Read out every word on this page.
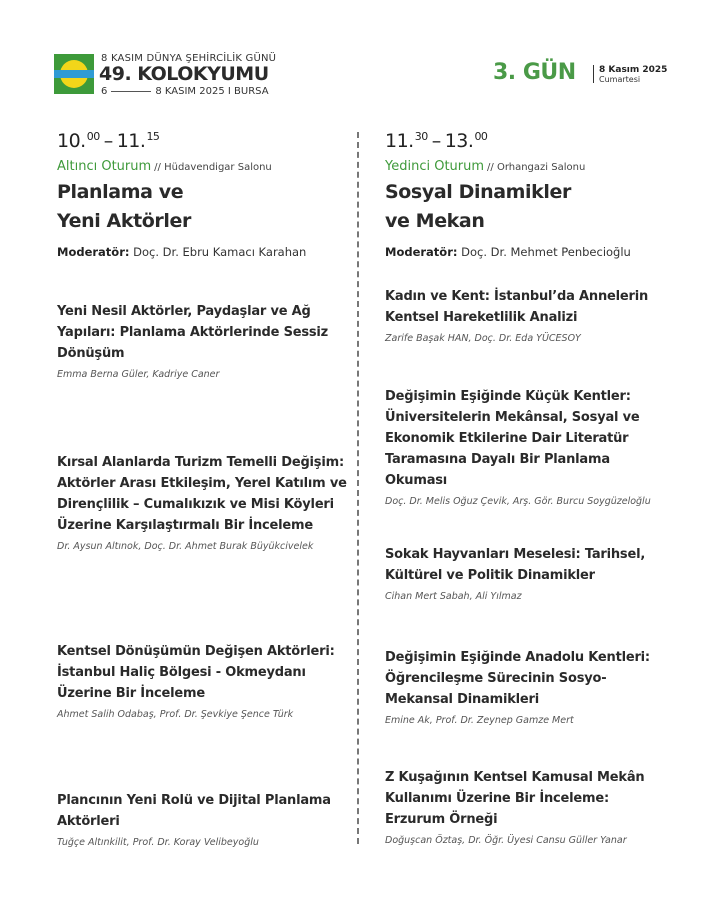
8 KASIM DÜNYA ŞEHİRCİLİK GÜNÜ
49. KOLOKYUMU
6	8 KASIM 2025 I BURSA
3. GÜN	8 Kasım 2025
Cumartesi
10.00 – 11.15
Altıncı Oturum // Hüdavendigar Salonu
Planlama ve
Yeni Aktörler
Moderatör: Doç. Dr. Ebru Kamacı Karahan
Yeni Nesil Aktörler, Paydaşlar ve Ağ Yapıları: Planlama Aktörlerinde Sessiz Dönüşüm
Emma Berna Güler, Kadriye Caner
Kırsal Alanlarda Turizm Temelli Değişim: Aktörler Arası Etkileşim, Yerel Katılım ve Dirençlilik – Cumalıkızık ve Misi Köyleri Üzerine Karşılaştırmalı Bir İnceleme
Dr. Aysun Altınok, Doç. Dr. Ahmet Burak Büyükcivelek
Kentsel Dönüşümün Değişen Aktörleri: İstanbul Haliç Bölgesi - Okmeydanı Üzerine Bir İnceleme
Ahmet Salih Odabaş, Prof. Dr. Şevkiye Şence Türk
Plancının Yeni Rolü ve Dijital Planlama Aktörleri
Tuğçe Altınkilit, Prof. Dr. Koray Velibeyoğlu
11.30 – 13.00
Yedinci Oturum // Orhangazi Salonu
Sosyal Dinamikler
ve Mekan
Moderatör: Doç. Dr. Mehmet Penbecioğlu
Kadın ve Kent: İstanbul’da Annelerin Kentsel Hareketlilik Analizi
Zarife Başak HAN, Doç. Dr. Eda YÜCESOY
Değişimin Eşiğinde Küçük Kentler: Üniversitelerin Mekânsal, Sosyal ve Ekonomik Etkilerine Dair Literatür Taramasına Dayalı Bir Planlama Okuması
Doç. Dr. Melis Oğuz Çevik, Arş. Gör. Burcu Soygüzeloğlu
Sokak Hayvanları Meselesi: Tarihsel, Kültürel ve Politik Dinamikler
Cihan Mert Sabah, Ali Yılmaz
Değişimin Eşiğinde Anadolu Kentleri: Öğrencileşme Sürecinin Sosyo-Mekansal Dinamikleri
Emine Ak, Prof. Dr. Zeynep Gamze Mert
Z Kuşağının Kentsel Kamusal Mekân Kullanımı Üzerine Bir İnceleme: Erzurum Örneği
Doğuşcan Öztaş, Dr. Öğr. Üyesi Cansu Güller Yanar
